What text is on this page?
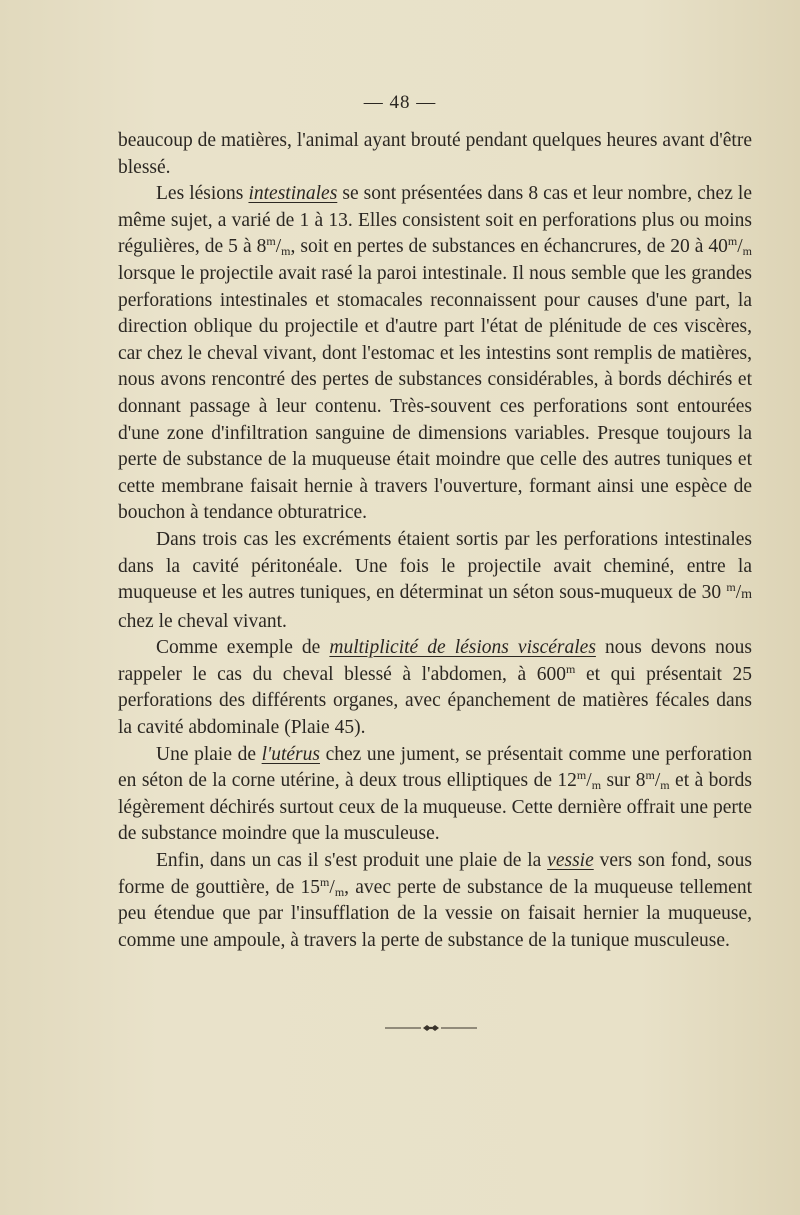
— 48 —

beaucoup de matières, l'animal ayant brouté pendant quelques heures avant d'être blessé.

Les lésions intestinales se sont présentées dans 8 cas et leur nombre, chez le même sujet, a varié de 1 à 13. Elles consistent soit en perforations plus ou moins régulières, de 5 à $8^m/_m$, soit en pertes de substances en échancrures, de 20 à $40^m/_m$ lorsque le projectile avait rasé la paroi intestinale. Il nous semble que les grandes perforations intestinales et stomacales reconnaissent pour causes d'une part, la direction oblique du projectile et d'autre part l'état de plénitude de ces viscères, car chez le cheval vivant, dont l'estomac et les intestins sont remplis de matières, nous avons rencontré des pertes de substances considérables, à bords déchirés et donnant passage à leur contenu. Très-souvent ces perforations sont entourées d'une zone d'infiltration sanguine de dimensions variables. Presque toujours la perte de substance de la muqueuse était moindre que celle des autres tuniques et cette membrane faisait hernie à travers l'ouverture, formant ainsi une espèce de bouchon à tendance obturatrice.

Dans trois cas les excréments étaient sortis par les perforations intestinales dans la cavité péritonéale. Une fois le projectile avait cheminé, entre la muqueuse et les autres tuniques, en déterminat un séton sous-muqueux de 30 $^m$/m chez le cheval vivant.

Comme exemple de multiplicité de lésions viscérales nous devons nous rappeler le cas du cheval blessé à l'abdomen, à 600$^m$ et qui présentait 25 perforations des différents organes, avec épanchement de matières fécales dans la cavité abdominale (Plaie 45).

Une plaie de l'utérus chez une jument, se présentait comme une perforation en séton de la corne utérine, à deux trous elliptiques de $12^m/_m$ sur $8^m/_m$ et à bords légèrement déchirés surtout ceux de la muqueuse. Cette dernière offrait une perte de substance moindre que la musculeuse.

Enfin, dans un cas il s'est produit une plaie de la vessie vers son fond, sous forme de gouttière, de $15^m/_m$, avec perte de substance de la muqueuse tellement peu étendue que par l'insufflation de la vessie on faisait hernier la muqueuse, comme une ampoule, à travers la perte de substance de la tunique musculeuse.
